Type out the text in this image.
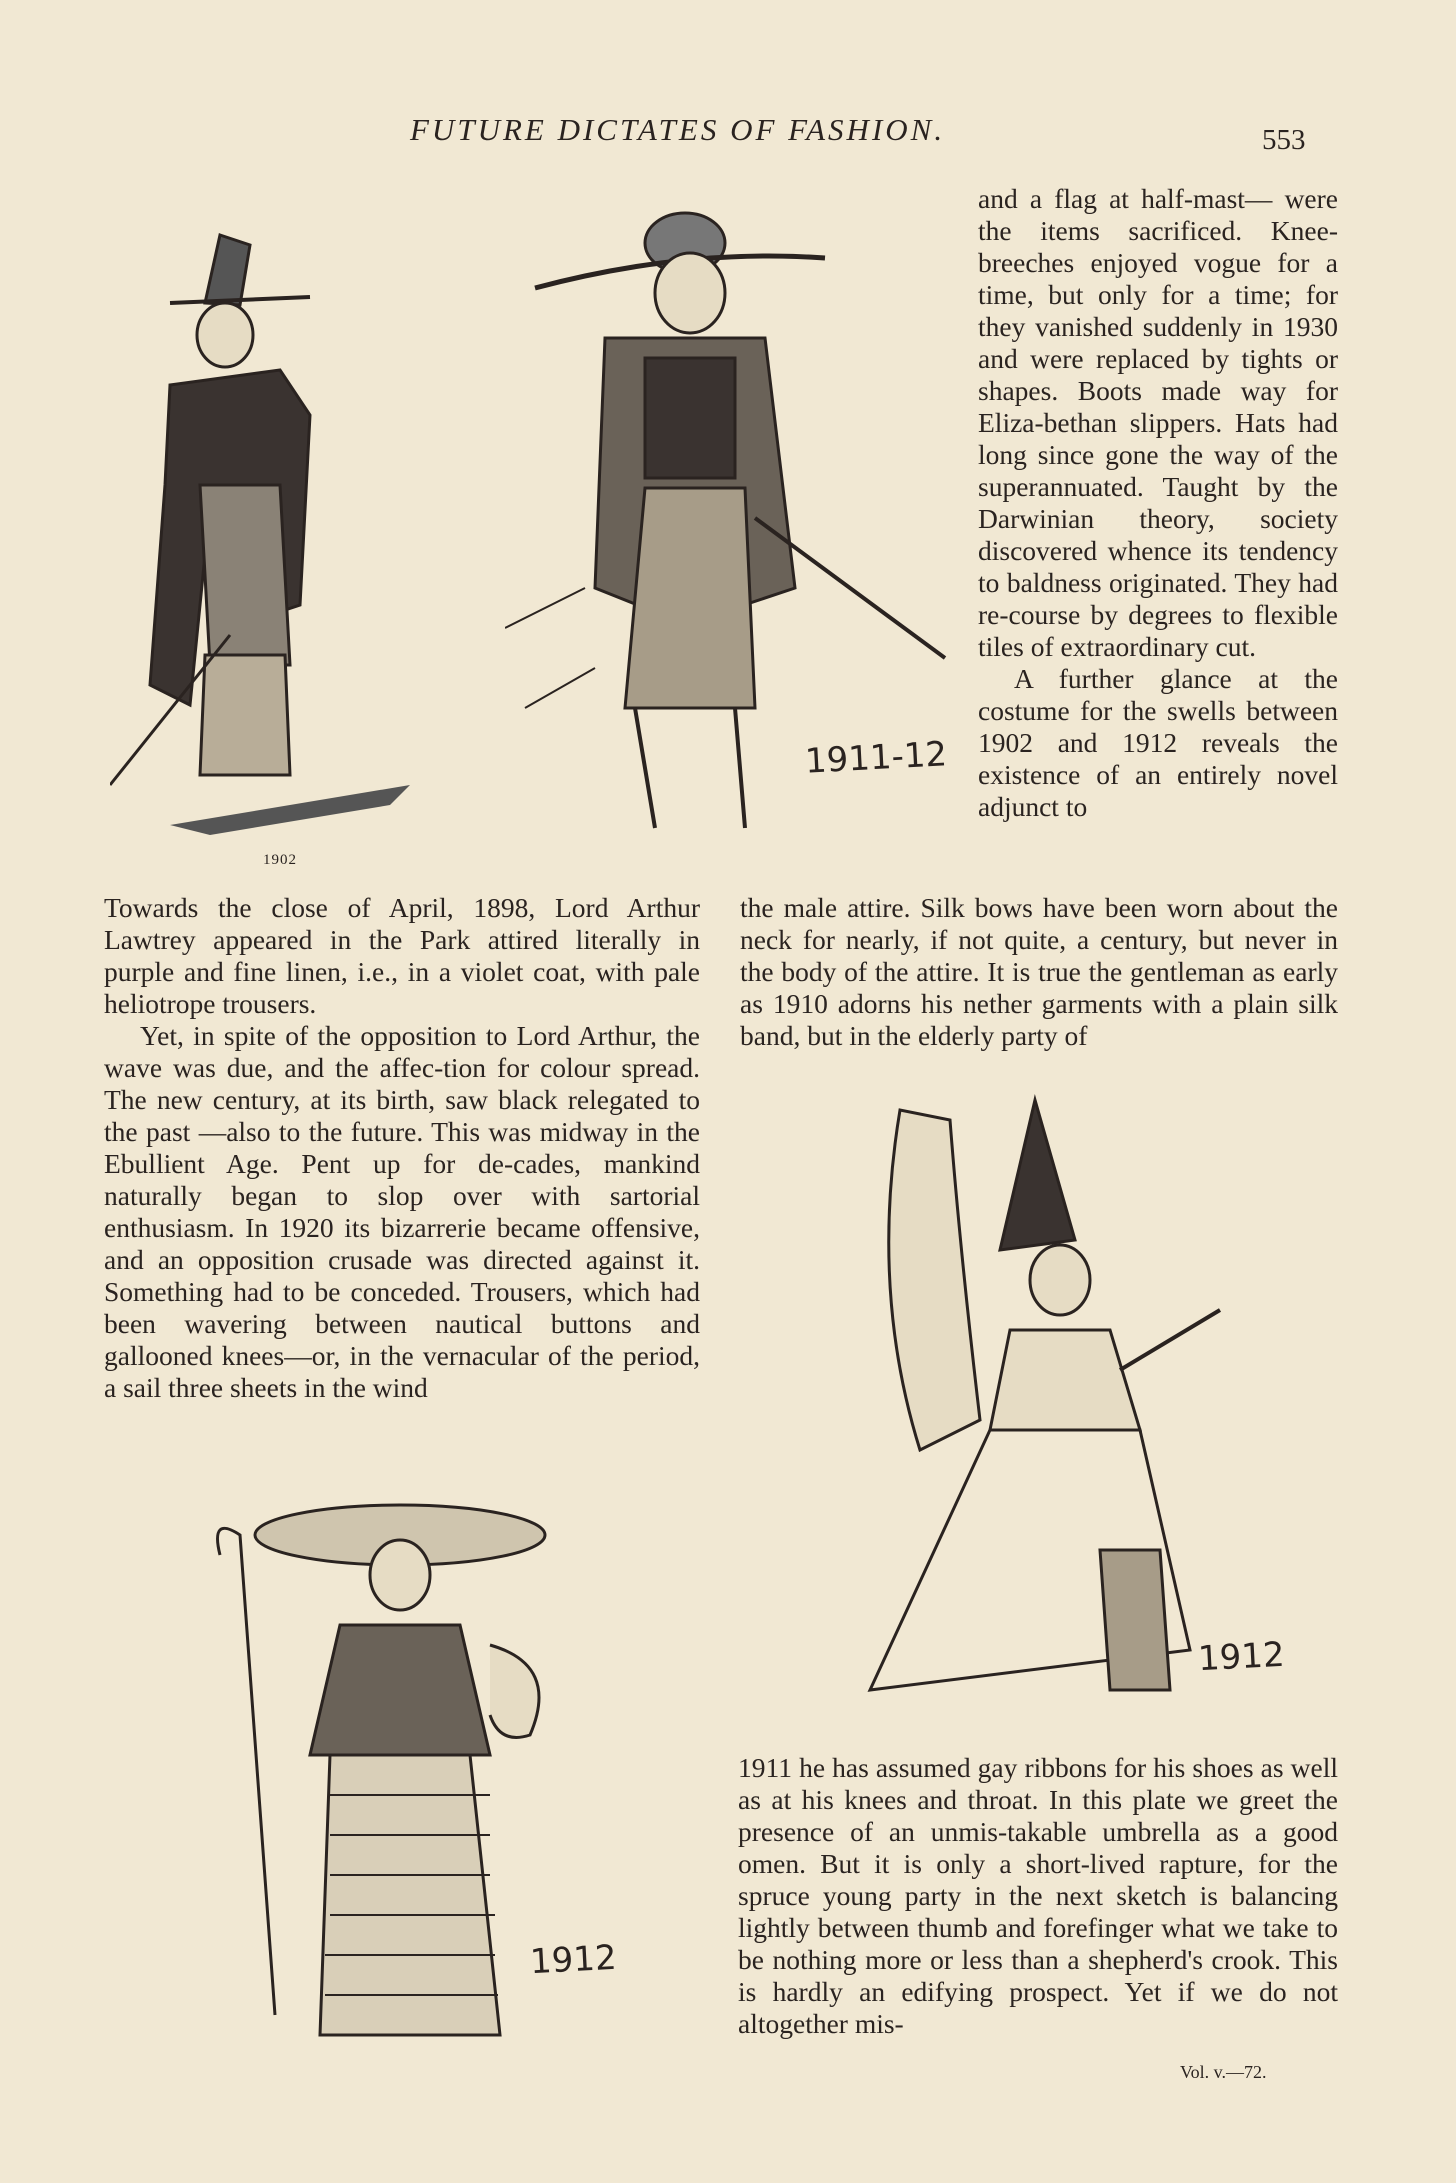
FUTURE DICTATES OF FASHION.	553
1902
1911-12

and a flag at half-mast— were the items sacrificed. Knee-breeches enjoyed vogue for a time, but only for a time; for they vanished suddenly in 1930 and were replaced by tights or shapes. Boots made way for Eliza-bethan slippers. Hats had long since gone the way of the superannuated. Taught by the Darwinian theory, society discovered whence its tendency to baldness originated. They had re-course by degrees to flexible tiles of extraordinary cut.

A further glance at the costume for the swells between 1902 and 1912 reveals the existence of an entirely novel adjunct to

the male attire. Silk bows have been worn about the neck for nearly, if not quite, a century, but never in the body of the attire. It is true the gentleman as early as 1910 adorns his nether garments with a plain silk band, but in the elderly party of

Towards the close of April, 1898, Lord Arthur Lawtrey appeared in the Park attired literally in purple and fine linen, i.e., in a violet coat, with pale heliotrope trousers.

Yet, in spite of the opposition to Lord Arthur, the wave was due, and the affec-tion for colour spread. The new century, at its birth, saw black relegated to the past —also to the future. This was midway in the Ebullient Age. Pent up for de-cades, mankind naturally began to slop over with sartorial enthusiasm. In 1920 its bizarrerie became offensive, and an opposition crusade was directed against it. Something had to be conceded. Trousers, which had been wavering between nautical buttons and gallooned knees—or, in the vernacular of the period, a sail three sheets in the wind

1912

1911 he has assumed gay ribbons for his shoes as well as at his knees and throat. In this plate we greet the presence of an unmis-takable umbrella as a good omen. But it is only a short-lived rapture, for the spruce young party in the next sketch is balancing lightly between thumb and forefinger what we take to be nothing more or less than a shepherd's crook. This is hardly an edifying prospect. Yet if we do not altogether mis-

1912
Vol. v.—72.
